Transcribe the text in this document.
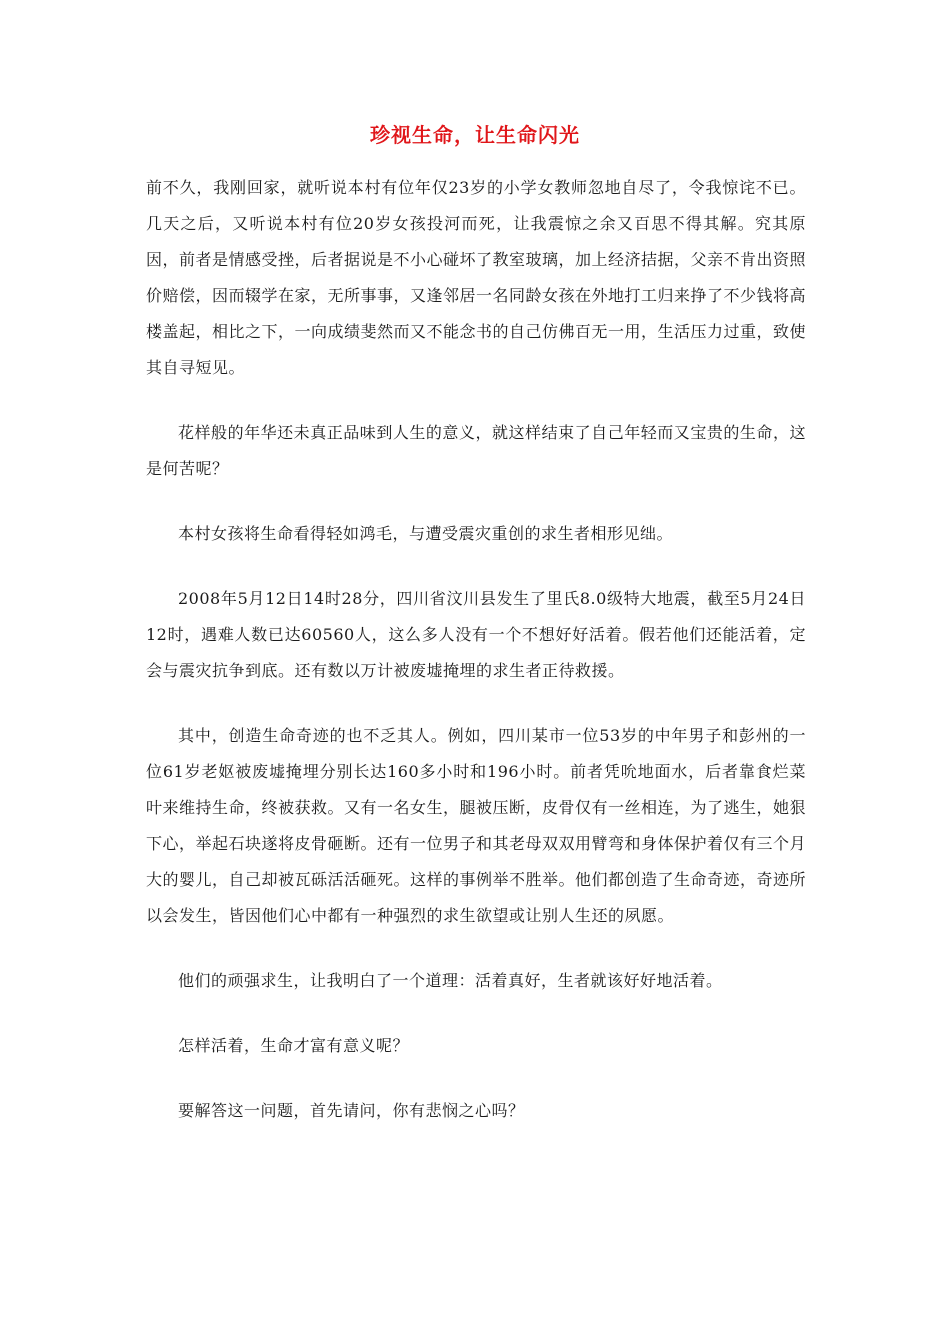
珍视生命，让生命闪光

前不久，我刚回家，就听说本村有位年仅23岁的小学女教师忽地自尽了，令我惊诧不已。几天之后，又听说本村有位20岁女孩投河而死，让我震惊之余又百思不得其解。究其原因，前者是情感受挫，后者据说是不小心碰坏了教室玻璃，加上经济拮据，父亲不肯出资照价赔偿，因而辍学在家，无所事事，又逢邻居一名同龄女孩在外地打工归来挣了不少钱将高楼盖起，相比之下，一向成绩斐然而又不能念书的自己仿佛百无一用，生活压力过重，致使其自寻短见。

花样般的年华还未真正品味到人生的意义，就这样结束了自己年轻而又宝贵的生命，这是何苦呢？

本村女孩将生命看得轻如鸿毛，与遭受震灾重创的求生者相形见绌。

2008年5月12日14时28分，四川省汶川县发生了里氏8.0级特大地震，截至5月24日12时，遇难人数已达60560人，这么多人没有一个不想好好活着。假若他们还能活着，定会与震灾抗争到底。还有数以万计被废墟掩埋的求生者正待救援。

其中，创造生命奇迹的也不乏其人。例如，四川某市一位53岁的中年男子和彭州的一位61岁老妪被废墟掩埋分别长达160多小时和196小时。前者凭吮地面水，后者靠食烂菜叶来维持生命，终被获救。又有一名女生，腿被压断，皮骨仅有一丝相连，为了逃生，她狠下心，举起石块遂将皮骨砸断。还有一位男子和其老母双双用臂弯和身体保护着仅有三个月大的婴儿，自己却被瓦砾活活砸死。这样的事例举不胜举。他们都创造了生命奇迹，奇迹所以会发生，皆因他们心中都有一种强烈的求生欲望或让别人生还的夙愿。

他们的顽强求生，让我明白了一个道理：活着真好，生者就该好好地活着。

怎样活着，生命才富有意义呢？

要解答这一问题，首先请问，你有悲悯之心吗？
